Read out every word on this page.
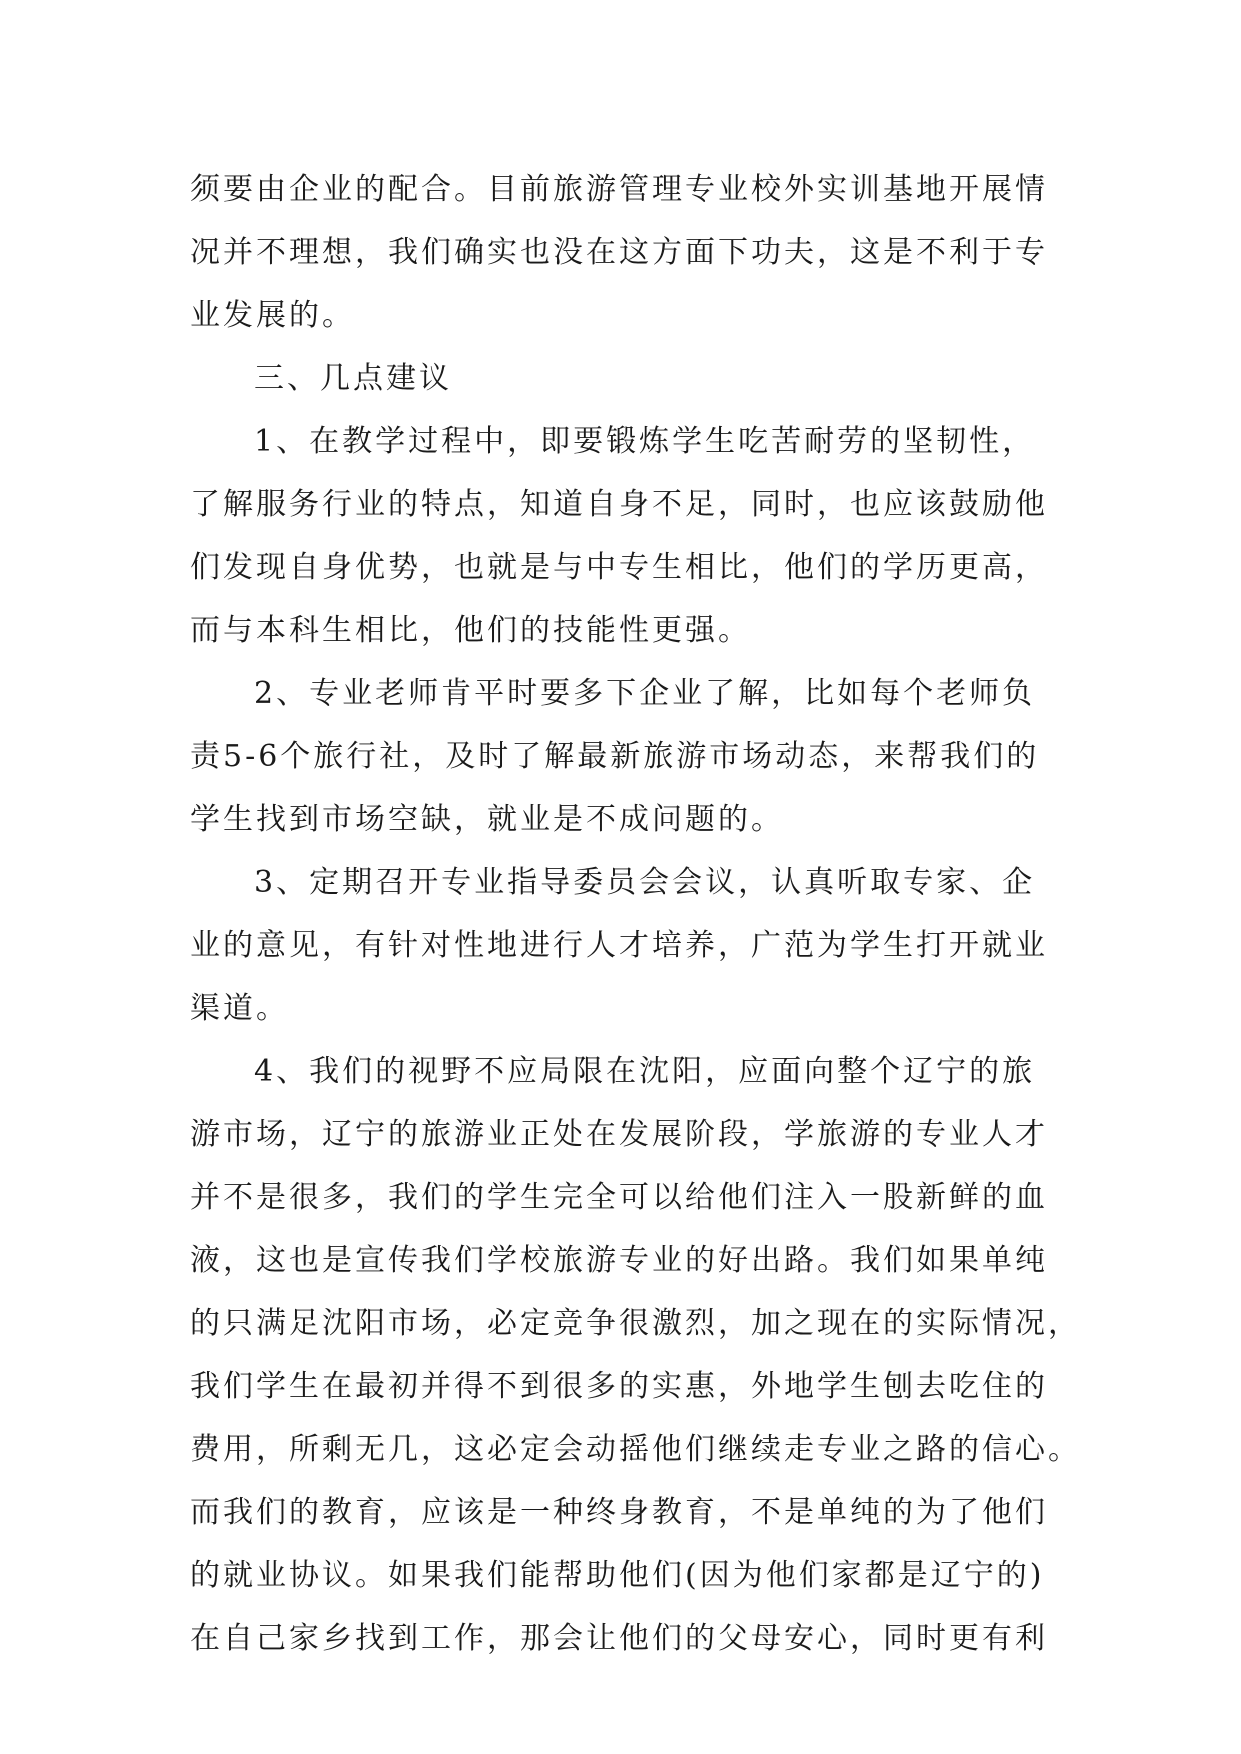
须要由企业的配合。目前旅游管理专业校外实训基地开展情
况并不理想，我们确实也没在这方面下功夫，这是不利于专
业发展的。
三、几点建议
1、在教学过程中，即要锻炼学生吃苦耐劳的坚韧性，
了解服务行业的特点，知道自身不足，同时，也应该鼓励他
们发现自身优势，也就是与中专生相比，他们的学历更高，
而与本科生相比，他们的技能性更强。
2、专业老师肯平时要多下企业了解，比如每个老师负
责5-6个旅行社，及时了解最新旅游市场动态，来帮我们的
学生找到市场空缺，就业是不成问题的。
3、定期召开专业指导委员会会议，认真听取专家、企
业的意见，有针对性地进行人才培养，广范为学生打开就业
渠道。
4、我们的视野不应局限在沈阳，应面向整个辽宁的旅
游市场，辽宁的旅游业正处在发展阶段，学旅游的专业人才
并不是很多，我们的学生完全可以给他们注入一股新鲜的血
液，这也是宣传我们学校旅游专业的好出路。我们如果单纯
的只满足沈阳市场，必定竞争很激烈，加之现在的实际情况，
我们学生在最初并得不到很多的实惠，外地学生刨去吃住的
费用，所剩无几，这必定会动摇他们继续走专业之路的信心。
而我们的教育，应该是一种终身教育，不是单纯的为了他们
的就业协议。如果我们能帮助他们(因为他们家都是辽宁的)
在自己家乡找到工作，那会让他们的父母安心，同时更有利
